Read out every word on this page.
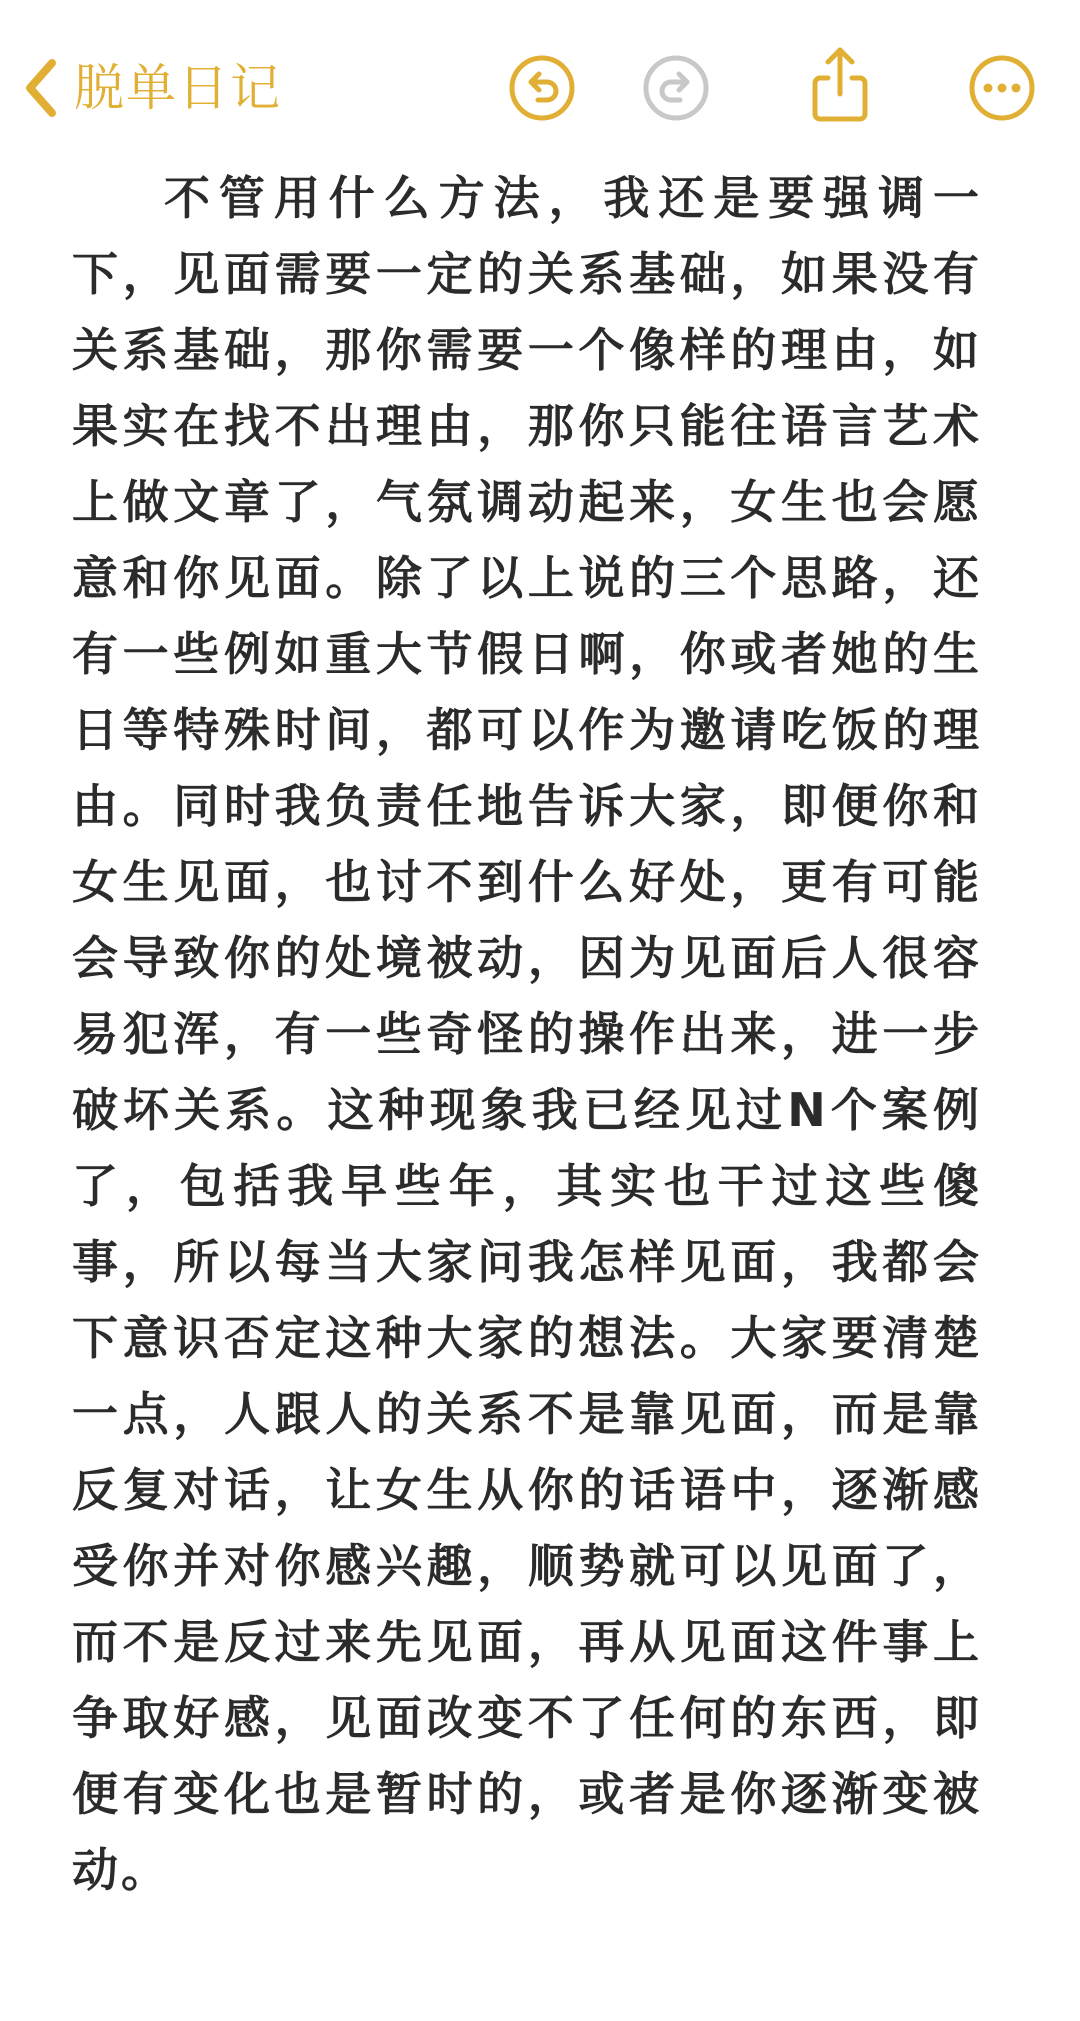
脱单日记
不管用什么方法，我还是要强调一下，见面需要一定的关系基础，如果没有关系基础，那你需要一个像样的理由，如果实在找不出理由，那你只能往语言艺术上做文章了，气氛调动起来，女生也会愿意和你见面。除了以上说的三个思路，还有一些例如重大节假日啊，你或者她的生日等特殊时间，都可以作为邀请吃饭的理由。同时我负责任地告诉大家，即便你和女生见面，也讨不到什么好处，更有可能会导致你的处境被动，因为见面后人很容易犯浑，有一些奇怪的操作出来，进一步破坏关系。这种现象我已经见过N个案例了，包括我早些年，其实也干过这些傻事，所以每当大家问我怎样见面，我都会下意识否定这种大家的想法。大家要清楚一点，人跟人的关系不是靠见面，而是靠反复对话，让女生从你的话语中，逐渐感受你并对你感兴趣，顺势就可以见面了，而不是反过来先见面，再从见面这件事上争取好感，见面改变不了任何的东西，即便有变化也是暂时的，或者是你逐渐变被动。
